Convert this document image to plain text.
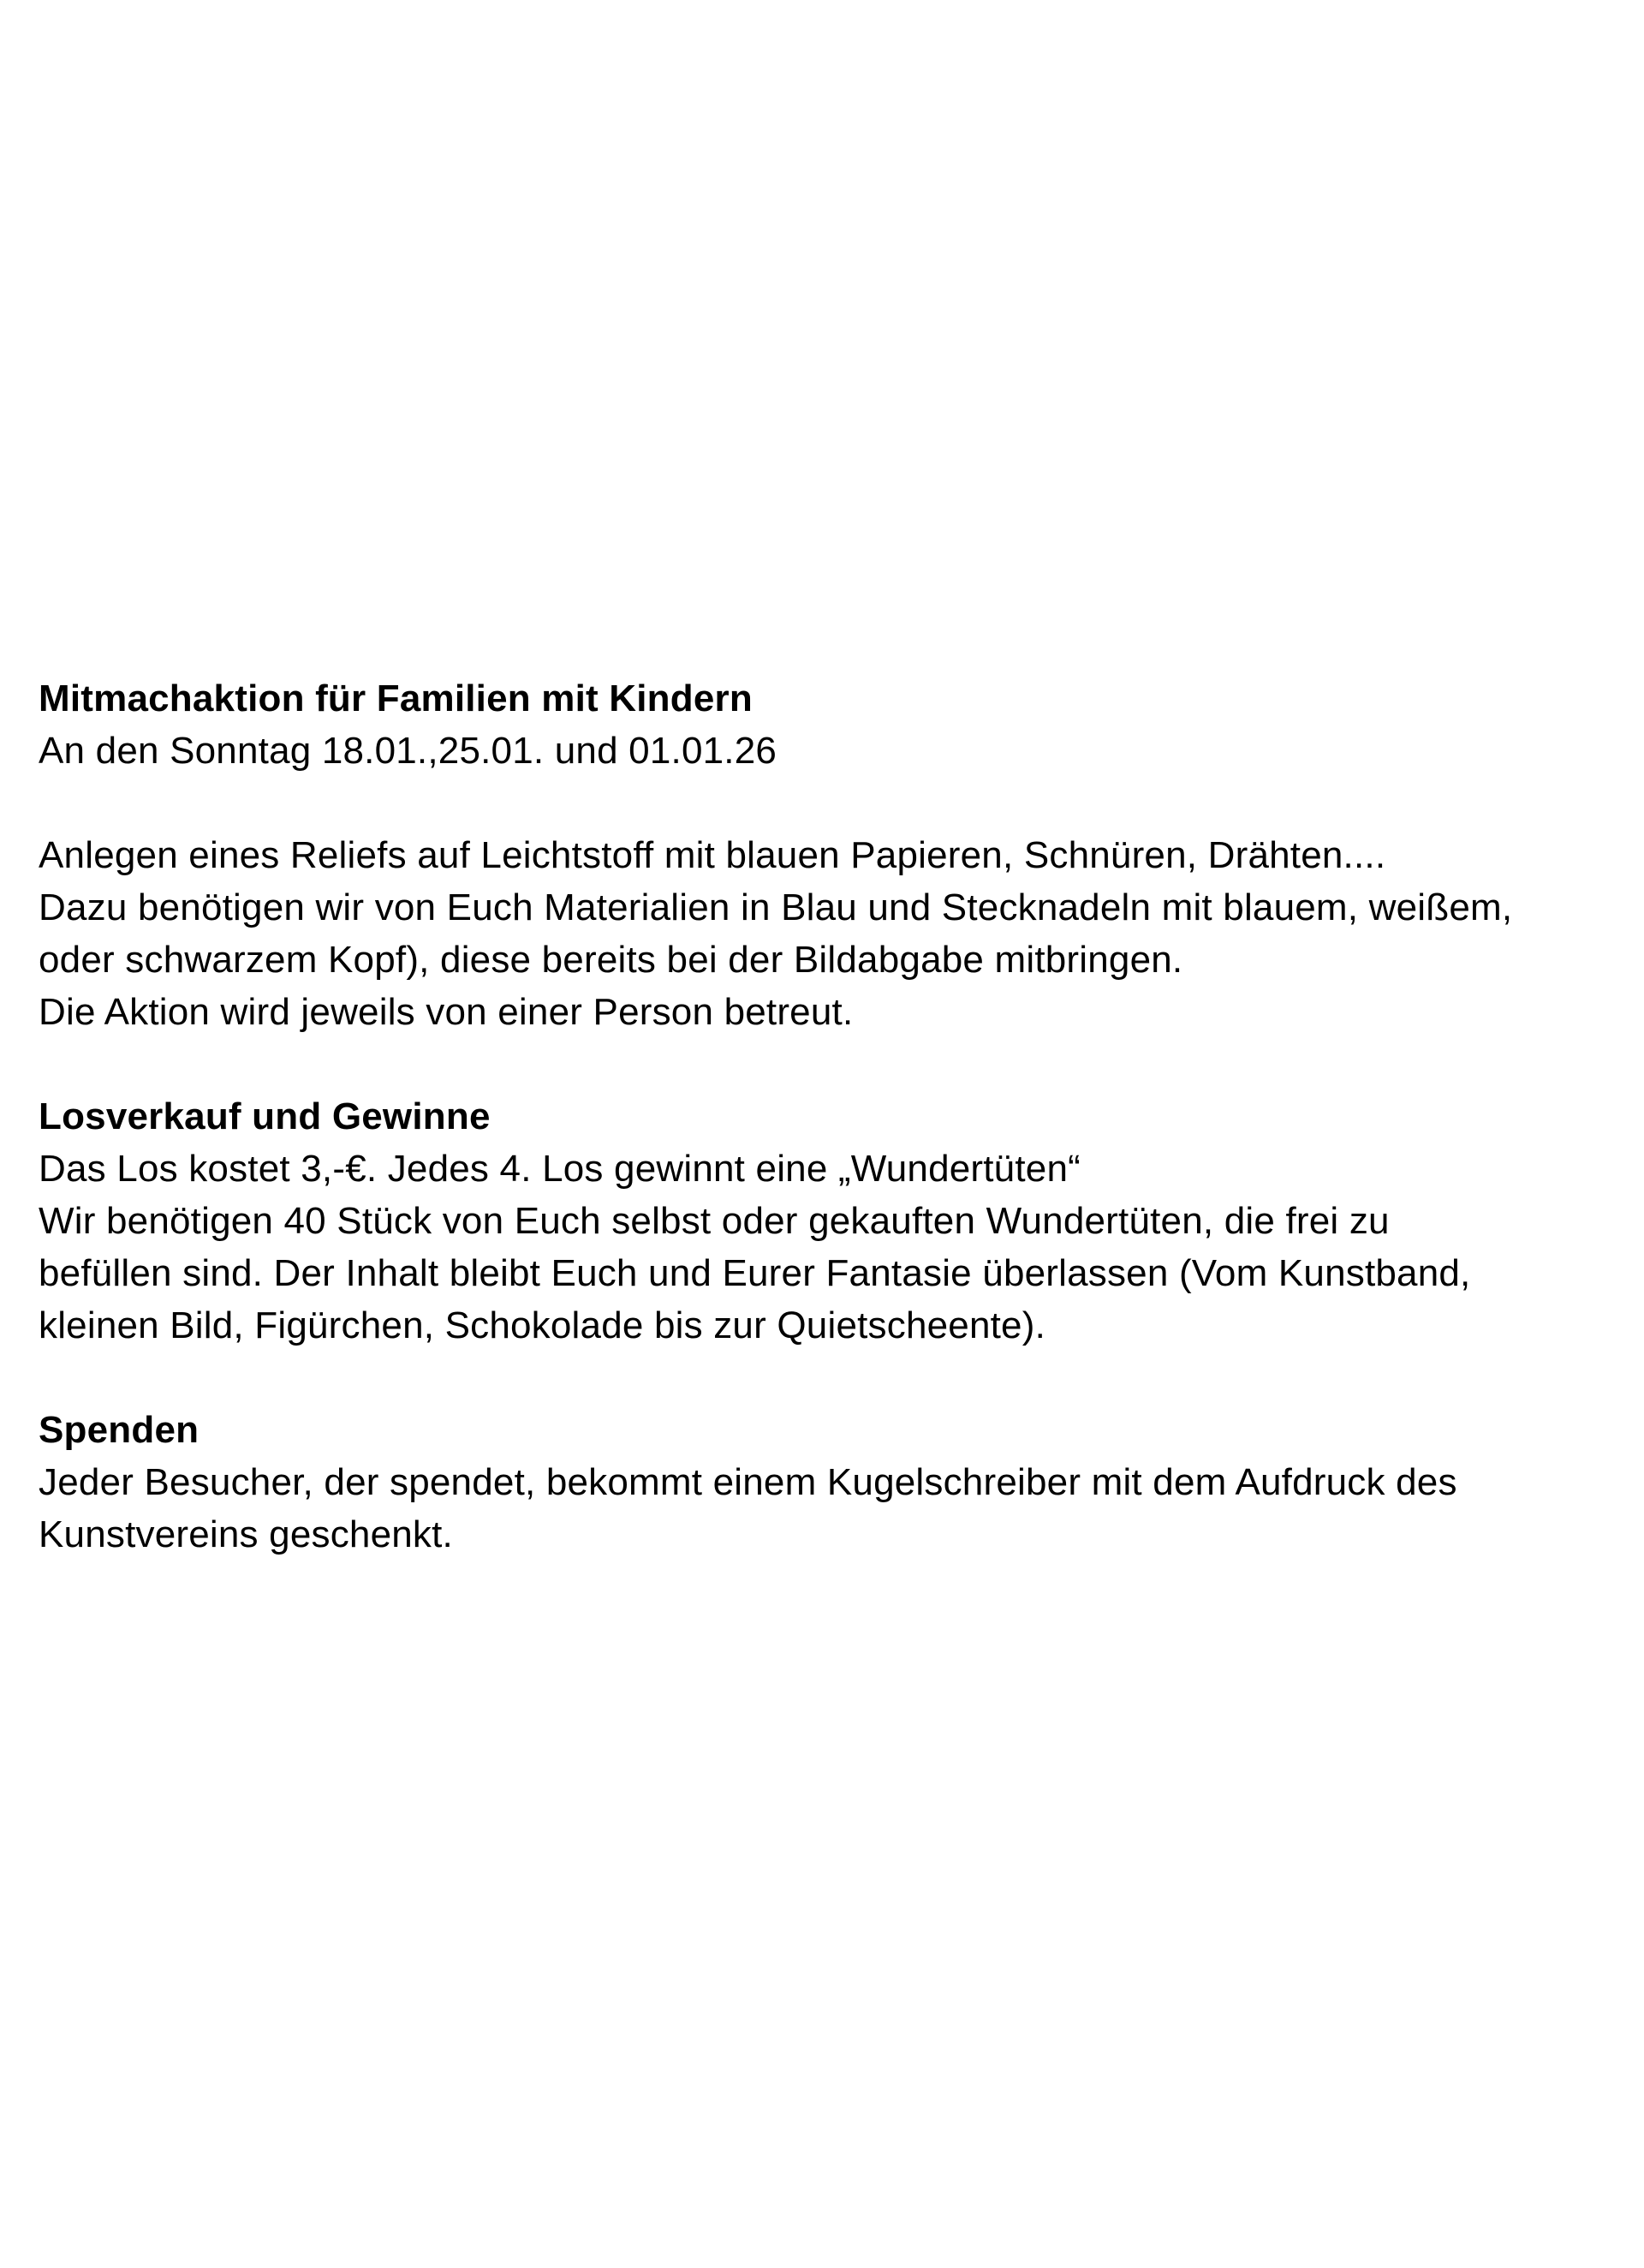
Mitmachaktion für Familien mit Kindern
An den Sonntag 18.01.,25.01. und 01.01.26
Anlegen eines Reliefs auf Leichtstoff mit blauen Papieren, Schnüren, Drähten....
Dazu benötigen wir von Euch Materialien in Blau und Stecknadeln mit blauem, weißem,
oder schwarzem Kopf), diese bereits bei der Bildabgabe mitbringen.
Die Aktion wird jeweils von einer Person betreut.
Losverkauf und Gewinne
Das Los kostet 3,-€. Jedes 4. Los gewinnt eine „Wundertüten“
Wir benötigen 40 Stück von Euch selbst oder gekauften Wundertüten, die frei zu
befüllen sind. Der Inhalt bleibt Euch und Eurer Fantasie überlassen (Vom Kunstband,
kleinen Bild, Figürchen, Schokolade bis zur Quietscheente).
Spenden
Jeder Besucher, der spendet, bekommt einem Kugelschreiber mit dem Aufdruck des
Kunstvereins geschenkt.
